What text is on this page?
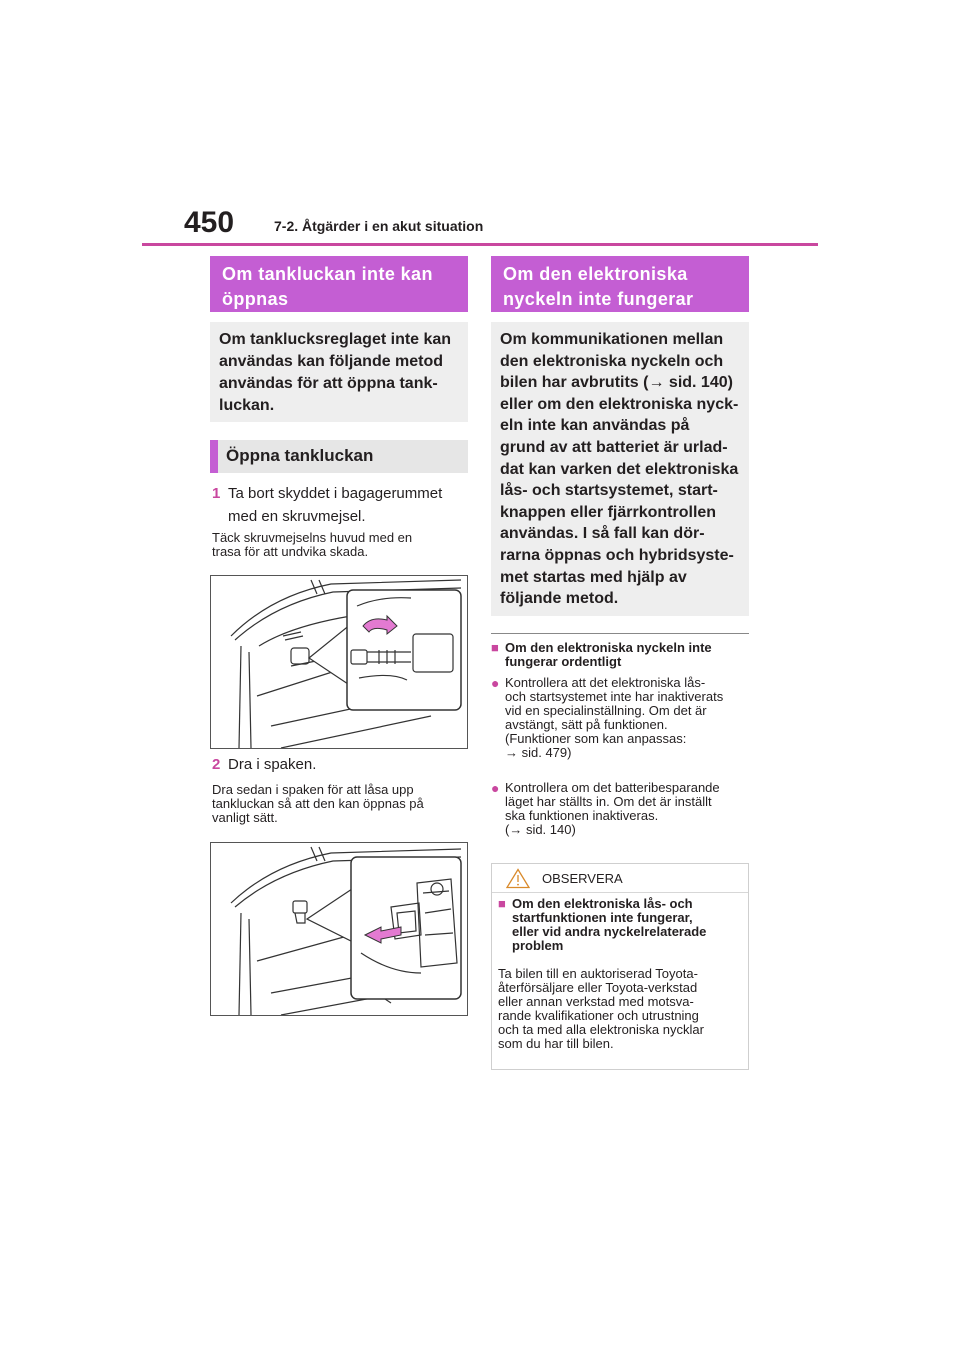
450	7-2. Åtgärder i en akut situation
Om tankluckan inte kan
öppnas
Om tanklucksreglaget inte kan
användas kan följande metod
användas för att öppna tank-
luckan.
Öppna tankluckan
1 Ta bort skyddet i bagagerummet
med en skruvmejsel.
Täck skruvmejselns huvud med en
trasa för att undvika skada.
2 Dra i spaken.
Dra sedan i spaken för att låsa upp
tankluckan så att den kan öppnas på
vanligt sätt.
Om den elektroniska
nyckeln inte fungerar
Om kommunikationen mellan
den elektroniska nyckeln och
bilen har avbrutits (→ sid. 140)
eller om den elektroniska nyck-
eln inte kan användas på
grund av att batteriet är urlad-
dat kan varken det elektroniska
lås- och startsystemet, start-
knappen eller fjärrkontrollen
användas. I så fall kan dör-
rarna öppnas och hybridsyste-
met startas med hjälp av
följande metod.
■ Om den elektroniska nyckeln inte
fungerar ordentligt
● Kontrollera att det elektroniska lås-
och startsystemet inte har inaktiverats
vid en specialinställning. Om det är
avstängt, sätt på funktionen.
(Funktioner som kan anpassas:
→ sid. 479)
● Kontrollera om det batteribesparande
läget har ställts in. Om det är inställt
ska funktionen inaktiveras.
(→ sid. 140)
OBSERVERA
■ Om den elektroniska lås- och
startfunktionen inte fungerar,
eller vid andra nyckelrelaterade
problem
Ta bilen till en auktoriserad Toyota-
återförsäljare eller Toyota-verkstad
eller annan verkstad med motsva-
rande kvalifikationer och utrustning
och ta med alla elektroniska nycklar
som du har till bilen.
